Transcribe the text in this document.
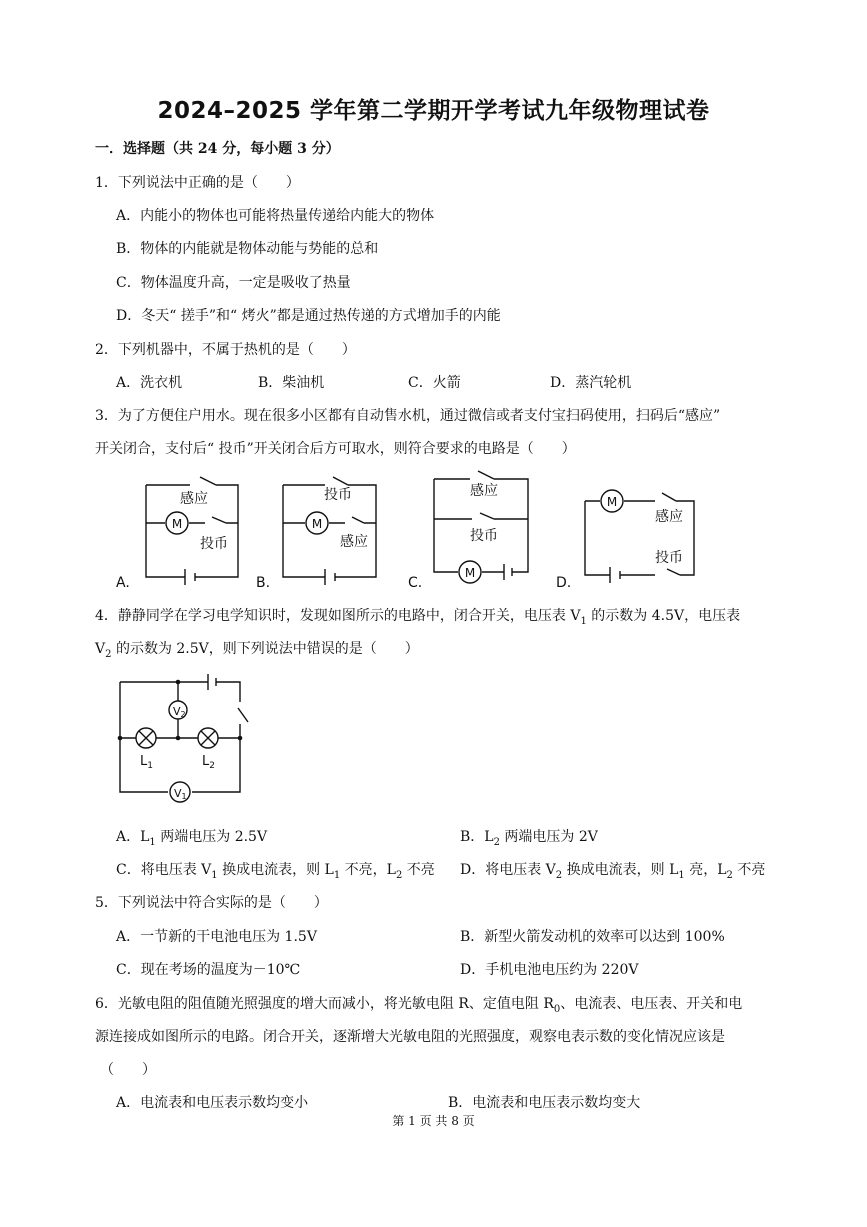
2024–2025 学年第二学期开学考试九年级物理试卷
一．选择题（共 24 分，每小题 3 分）
1．下列说法中正确的是（　　）
A．内能小的物体也可能将热量传递给内能大的物体
B．物体的内能就是物体动能与势能的总和
C．物体温度升高，一定是吸收了热量
D．冬天“ 搓手”和“ 烤火”都是通过热传递的方式增加手的内能
2．下列机器中，不属于热机的是（　　）
A．洗衣机	B．柴油机	C．火箭	D．蒸汽轮机
3．为了方便住户用水。现在很多小区都有自动售水机，通过微信或者支付宝扫码使用，扫码后“感应”
开关闭合，支付后“ 投币”开关闭合后方可取水，则符合要求的电路是（　　）
M	M
M
M
感应
投币
投币
感应
感应
投币
感应
投币
A.	B.	C.	D.
4．静静同学在学习电学知识时，发现如图所示的电路中，闭合开关，电压表 $V_1$ 的示数为 4.5V，电压表
$V_2$ 的示数为 2.5V，则下列说法中错误的是（　　）
V2
V1
$L_1$	$L_2$
A．$L_1$ 两端电压为 2.5V	B．$L_2$ 两端电压为 2V
C．将电压表 $V_1$ 换成电流表，则 $L_1$ 不亮，$L_2$ 不亮 D．将电压表 $V_2$ 换成电流表，则 $L_1$ 亮，$L_2$ 不亮
5．下列说法中符合实际的是（　　）
A．一节新的干电池电压为 1.5V	B．新型火箭发动机的效率可以达到 100%
C．现在考场的温度为－10℃	D．手机电池电压约为 220V
6．光敏电阻的阻值随光照强度的增大而减小，将光敏电阻 R、定值电阻 $R_0$、电流表、电压表、开关和电
源连接成如图所示的电路。闭合开关，逐渐增大光敏电阻的光照强度，观察电表示数的变化情况应该是
（　　）
A．电流表和电压表示数均变小	B．电流表和电压表示数均变大
第 1 页 共 8 页
